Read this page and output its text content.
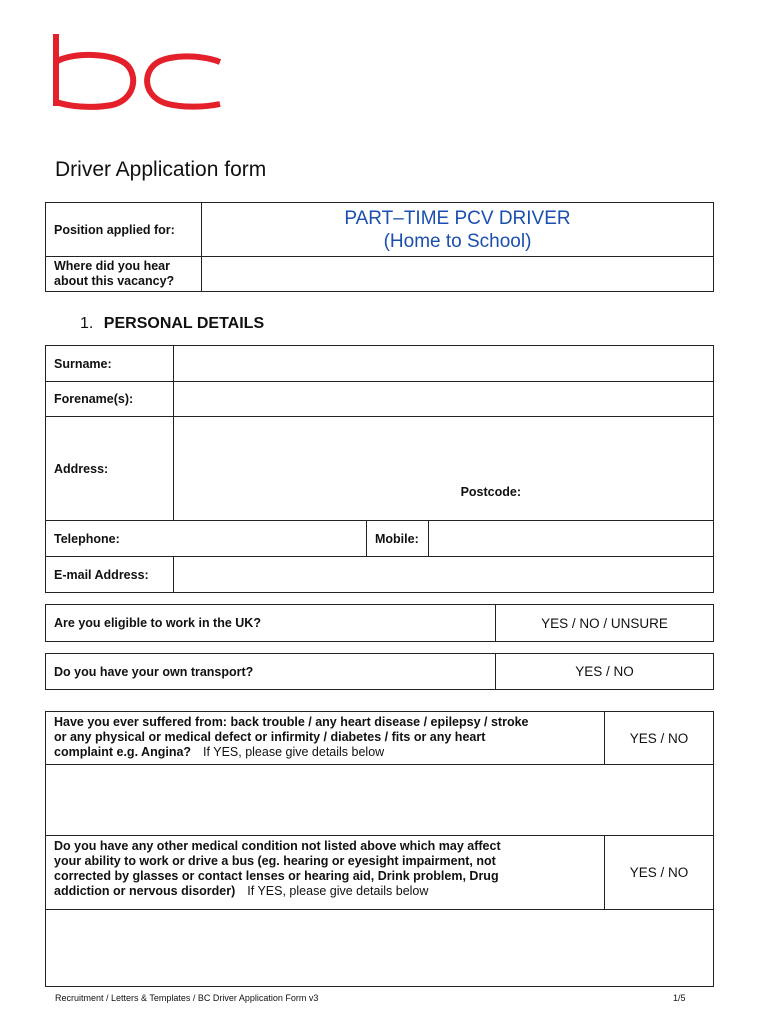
Driver Application form
Position applied for:	PART–TIME PCV DRIVER
(Home to School)

Where did you hear
about this vacancy?	

1. PERSONAL DETAILS
Surname:			
Forename(s):			
Address:			
	Postcode:		
Telephone:		Mobile:	
E-mail Address:			
Are you eligible to work in the UK?	YES / NO / UNSURE
Do you have your own transport?	YES / NO
Have you ever suffered from: back trouble / any heart disease / epilepsy / stroke
or any physical or medical defect or infirmity / diabetes / fits or any heart
complaint e.g. Angina? If YES, please give details below	YES / NO

Do you have any other medical condition not listed above which may affect
your ability to work or drive a bus (eg. hearing or eyesight impairment, not
corrected by glasses or contact lenses or hearing aid, Drink problem, Drug
addiction or nervous disorder) If YES, please give details below	YES / NO

Recruitment / Letters & Templates / BC Driver Application Form v3	1/5
